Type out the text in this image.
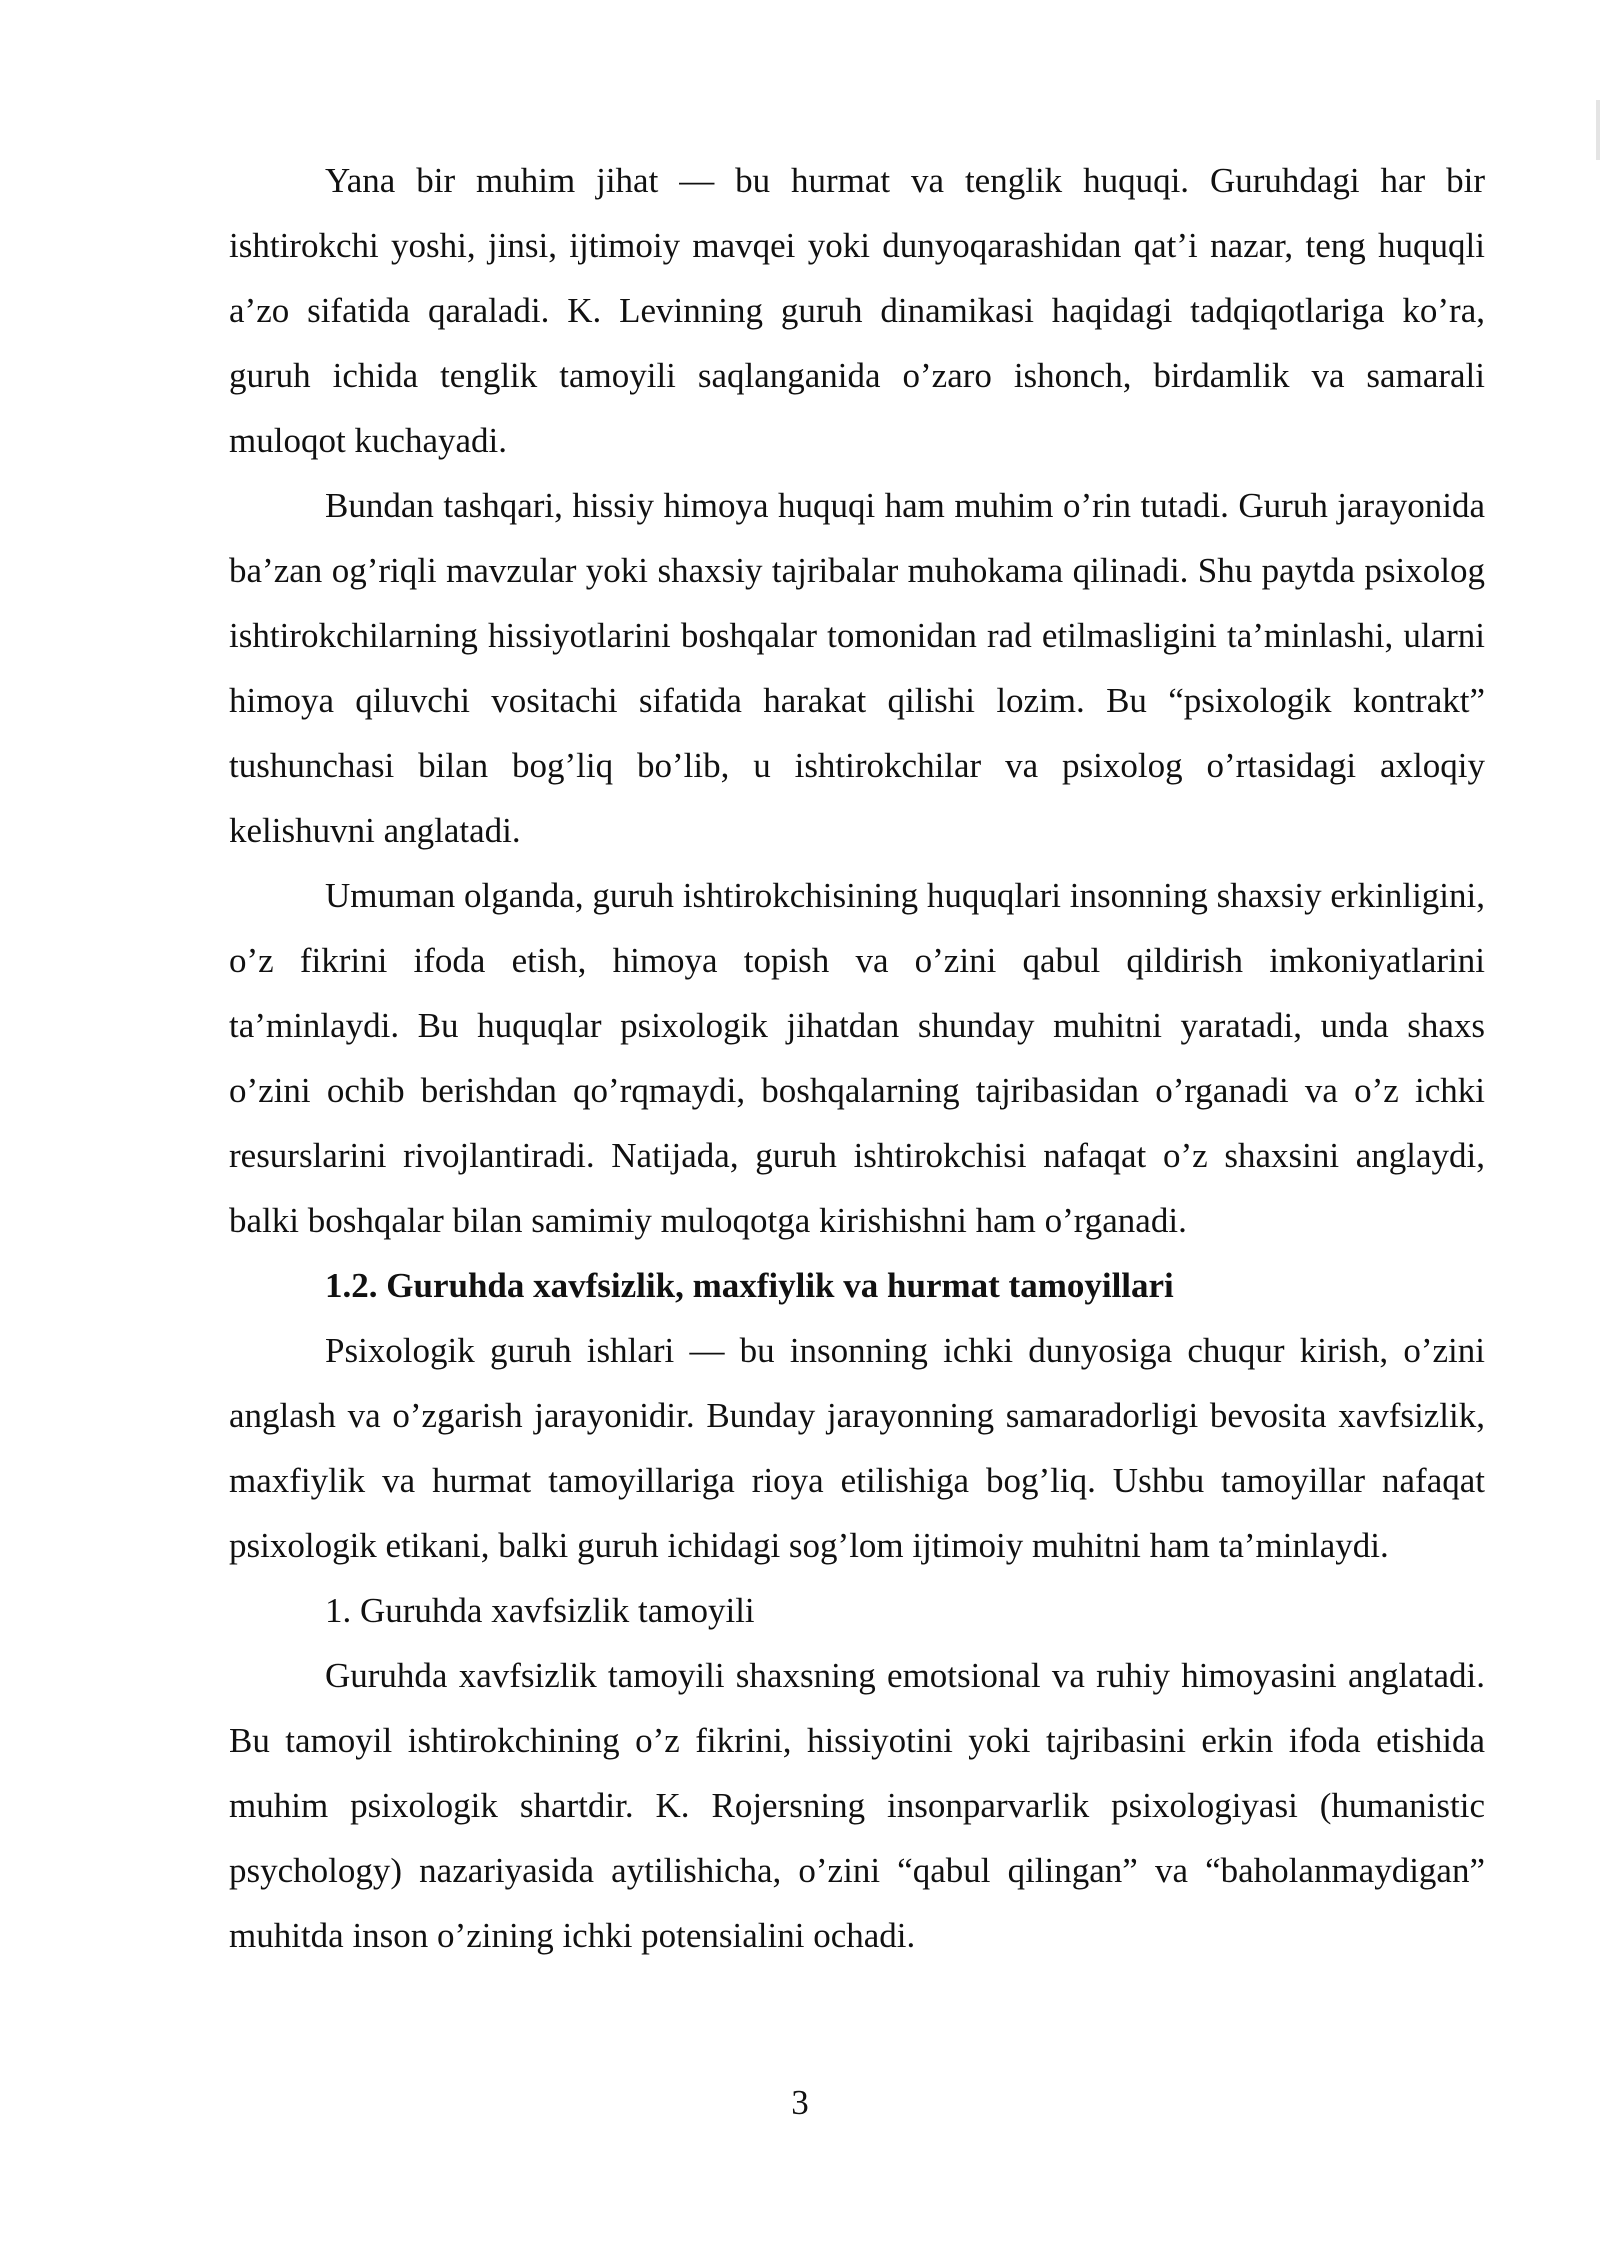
Yana bir muhim jihat — bu hurmat va tenglik huquqi. Guruhdagi har bir ishtirokchi yoshi, jinsi, ijtimoiy mavqei yoki dunyoqarashidan qat’i nazar, teng huquqli a’zo sifatida qaraladi. K. Levinning guruh dinamikasi haqidagi tadqiqotlariga ko’ra, guruh ichida tenglik tamoyili saqlanganida o’zaro ishonch, birdamlik va samarali muloqot kuchayadi.

Bundan tashqari, hissiy himoya huquqi ham muhim o’rin tutadi. Guruh jarayonida ba’zan og’riqli mavzular yoki shaxsiy tajribalar muhokama qilinadi. Shu paytda psixolog ishtirokchilarning hissiyotlarini boshqalar tomonidan rad etilmasligini ta’minlashi, ularni himoya qiluvchi vositachi sifatida harakat qilishi lozim. Bu “psixologik kontrakt” tushunchasi bilan bog’liq bo’lib, u ishtirokchilar va psixolog o’rtasidagi axloqiy kelishuvni anglatadi.

Umuman olganda, guruh ishtirokchisining huquqlari insonning shaxsiy erkinligini, o’z fikrini ifoda etish, himoya topish va o’zini qabul qildirish imkoniyatlarini ta’minlaydi. Bu huquqlar psixologik jihatdan shunday muhitni yaratadi, unda shaxs o’zini ochib berishdan qo’rqmaydi, boshqalarning tajribasidan o’rganadi va o’z ichki resurslarini rivojlantiradi. Natijada, guruh ishtirokchisi nafaqat o’z shaxsini anglaydi, balki boshqalar bilan samimiy muloqotga kirishishni ham o’rganadi.

1.2. Guruhda xavfsizlik, maxfiylik va hurmat tamoyillari

Psixologik guruh ishlari — bu insonning ichki dunyosiga chuqur kirish, o’zini anglash va o’zgarish jarayonidir. Bunday jarayonning samaradorligi bevosita xavfsizlik, maxfiylik va hurmat tamoyillariga rioya etilishiga bog’liq. Ushbu tamoyillar nafaqat psixologik etikani, balki guruh ichidagi sog’lom ijtimoiy muhitni ham ta’minlaydi.

1. Guruhda xavfsizlik tamoyili

Guruhda xavfsizlik tamoyili shaxsning emotsional va ruhiy himoyasini anglatadi. Bu tamoyil ishtirokchining o’z fikrini, hissiyotini yoki tajribasini erkin ifoda etishida muhim psixologik shartdir. K. Rojersning insonparvarlik psixologiyasi (humanistic psychology) nazariyasida aytilishicha, o’zini “qabul qilingan” va “baholanmaydigan” muhitda inson o’zining ichki potensialini ochadi.

3
